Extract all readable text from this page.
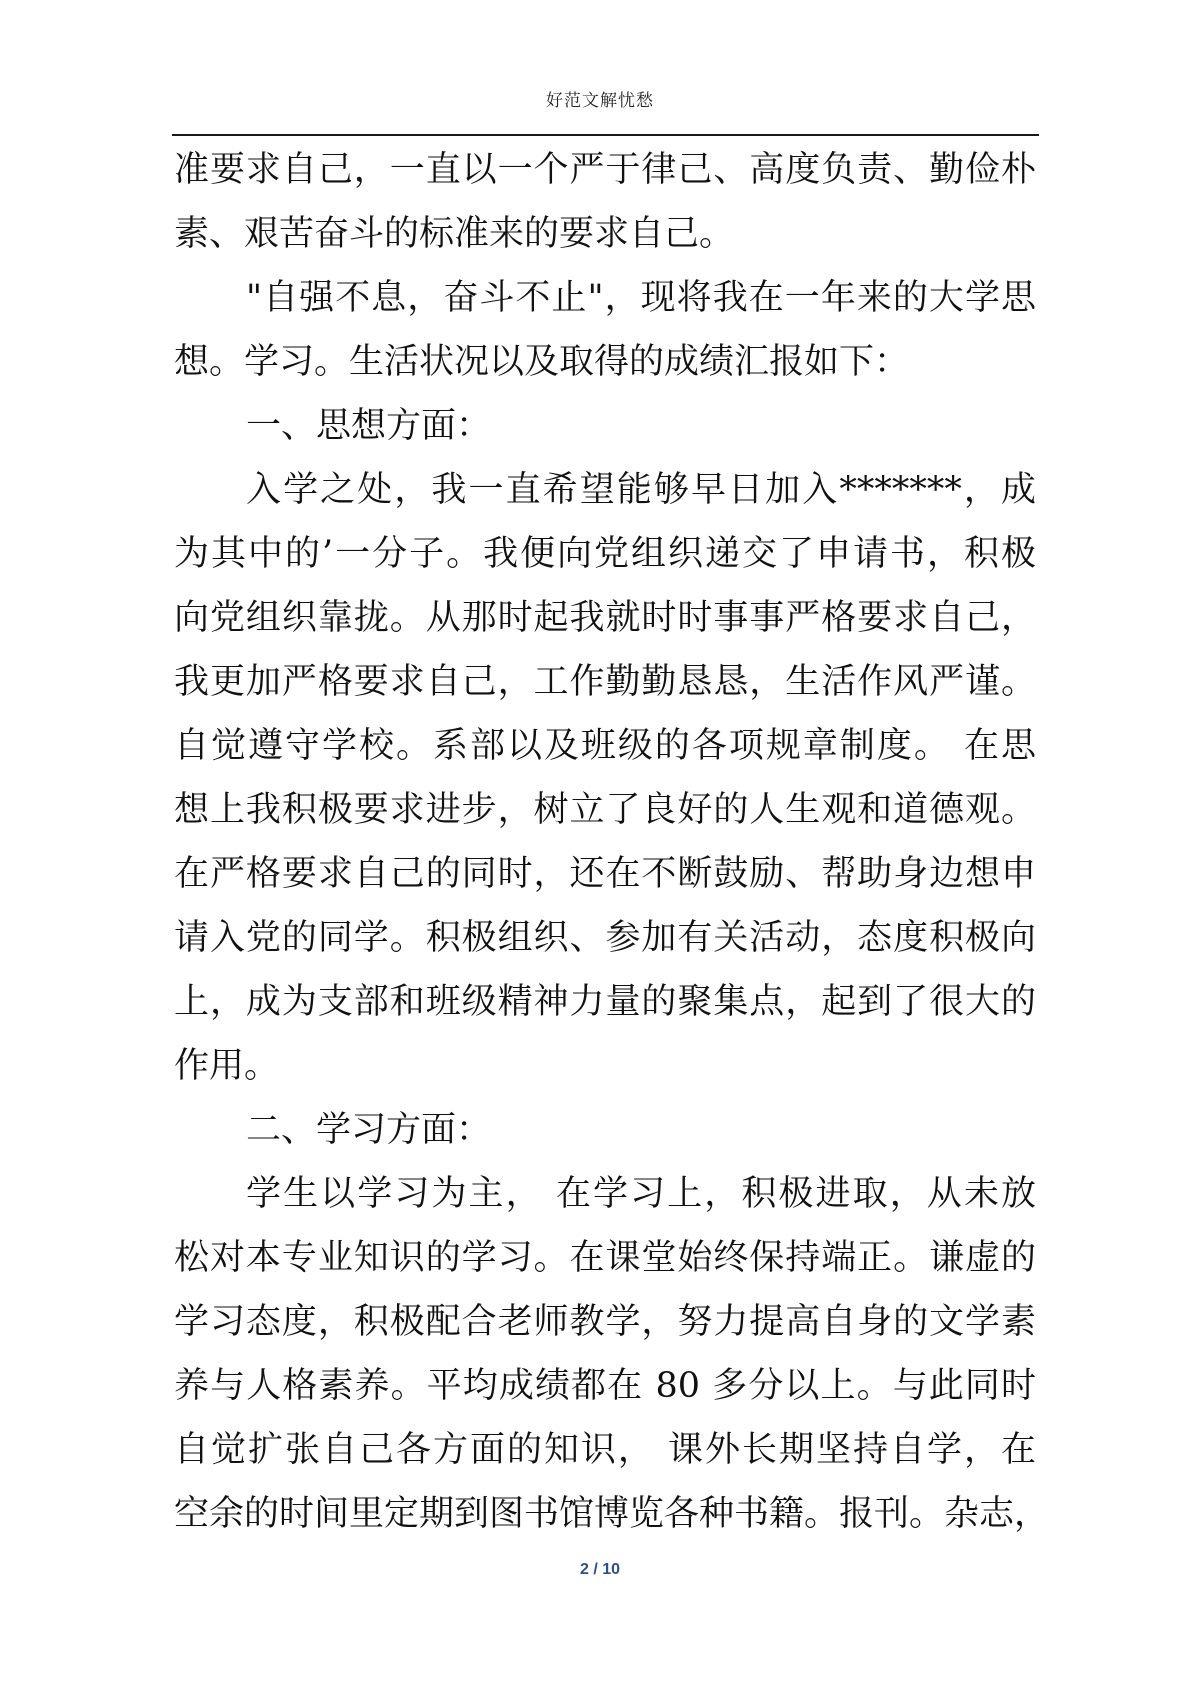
好范文解忧愁
准要求自己，一直以一个严于律己、高度负责、勤俭朴
素、艰苦奋斗的标准来的要求自己。
"自强不息，奋斗不止"，现将我在一年来的大学思
想。学习。生活状况以及取得的成绩汇报如下：
一、思想方面：
入学之处，我一直希望能够早日加入*******，成
为其中的’一分子。我便向党组织递交了申请书，积极
向党组织靠拢。从那时起我就时时事事严格要求自己，
我更加严格要求自己，工作勤勤恳恳，生活作风严谨。
自觉遵守学校。系部以及班级的各项规章制度。 在思
想上我积极要求进步，树立了良好的人生观和道德观。
在严格要求自己的同时，还在不断鼓励、帮助身边想申
请入党的同学。积极组织、参加有关活动，态度积极向
上，成为支部和班级精神力量的聚集点，起到了很大的
作用。
二、学习方面：
学生以学习为主， 在学习上，积极进取，从未放
松对本专业知识的学习。在课堂始终保持端正。谦虚的
学习态度，积极配合老师教学，努力提高自身的文学素
养与人格素养。平均成绩都在 80 多分以上。与此同时
自觉扩张自己各方面的知识， 课外长期坚持自学，在
空余的时间里定期到图书馆博览各种书籍。报刊。杂志，
2 / 10
